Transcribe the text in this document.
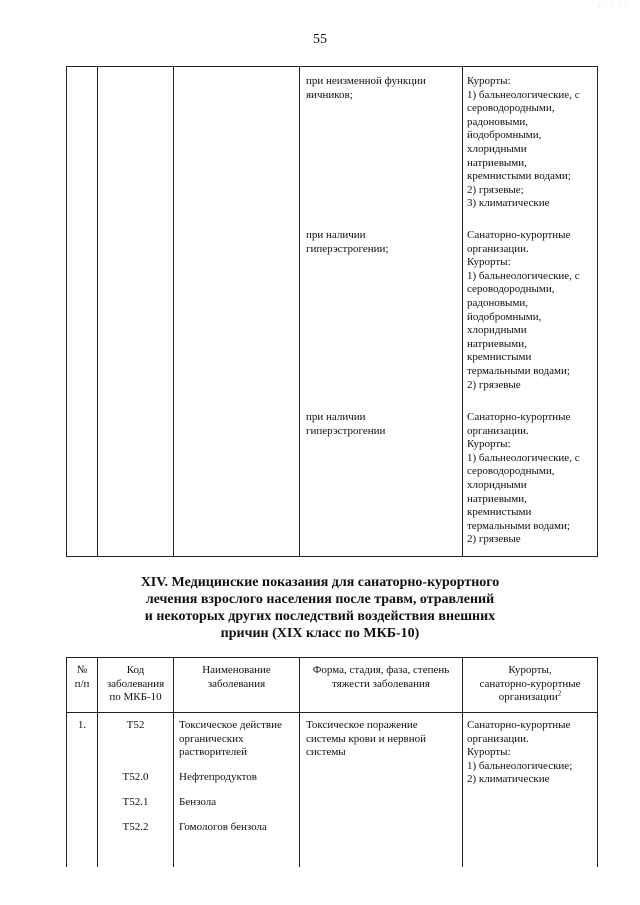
55
· · · · ·
при неизменной функции
яичников;
Курорты:
1) бальнеологические, с
сероводородными,
радоновыми,
йодобромными,
хлоридными
натриевыми,
кремнистыми водами;
2) грязевые;
3) климатические
при наличии
гиперэстрогении;
Санаторно-курортные
организации.
Курорты:
1) бальнеологические, с
сероводородными,
радоновыми,
йодобромными,
хлоридными
натриевыми,
кремнистыми
термальными водами;
2) грязевые
при наличии
гиперэстрогении
Санаторно-курортные
организации.
Курорты:
1) бальнеологические, с
сероводородными,
хлоридными
натриевыми,
кремнистыми
термальными водами;
2) грязевые
XIV. Медицинские показания для санаторно-курортного
лечения взрослого населения после травм, отравлений
и некоторых других последствий воздействия внешних
причин (XIX класс по МКБ-10)
№
п/п
Код
заболевания
по МКБ-10
Наименование
заболевания
Форма, стадия, фаза, степень
тяжести заболевания
Курорты,
санаторно-курортные
организации$^2$
1.	T52
T52.0
T52.1
T52.2
Токсическое действие
органических
растворителей
Нефтепродуктов
Бензола
Гомологов бензола
Токсическое поражение
системы крови и нервной
системы
Санаторно-курортные
организации.
Курорты:
1) бальнеологические;
2) климатические
